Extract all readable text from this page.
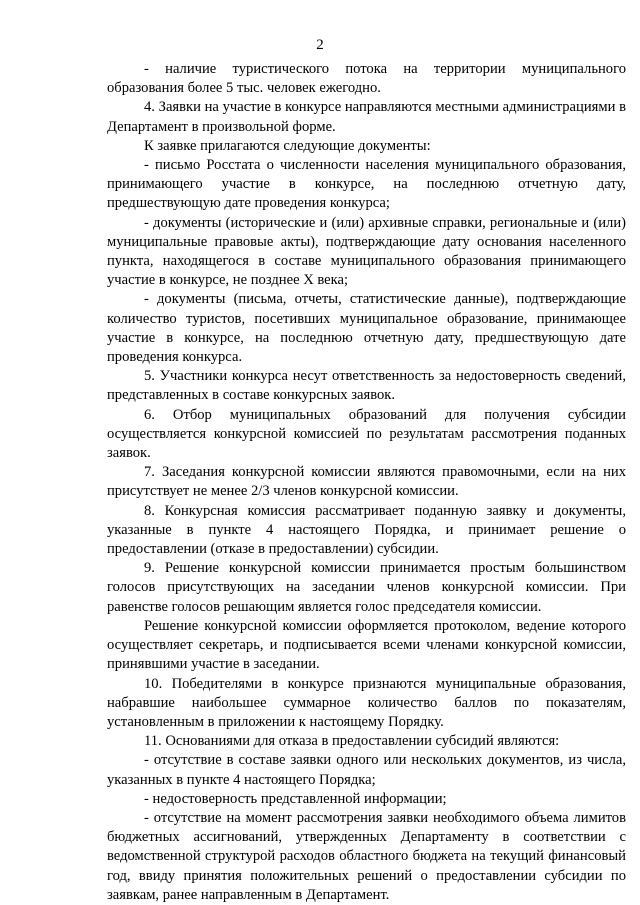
2

- наличие туристического потока на территории муниципального образования более 5 тыс. человек ежегодно.

4. Заявки на участие в конкурсе направляются местными администрациями в Департамент в произвольной форме.

К заявке прилагаются следующие документы:

- письмо Росстата о численности населения муниципального образования, принимающего участие в конкурсе, на последнюю отчетную дату, предшествующую дате проведения конкурса;

- документы (исторические и (или) архивные справки, региональные и (или) муниципальные правовые акты), подтверждающие дату основания населенного пункта, находящегося в составе муниципального образования принимающего участие в конкурсе, не позднее X века;

- документы (письма, отчеты, статистические данные), подтверждающие количество туристов, посетивших муниципальное образование, принимающее участие в конкурсе, на последнюю отчетную дату, предшествующую дате проведения конкурса.

5. Участники конкурса несут ответственность за недостоверность сведений, представленных в составе конкурсных заявок.

6. Отбор муниципальных образований для получения субсидии осуществляется конкурсной комиссией по результатам рассмотрения поданных заявок.

7. Заседания конкурсной комиссии являются правомочными, если на них присутствует не менее 2/3 членов конкурсной комиссии.

8. Конкурсная комиссия рассматривает поданную заявку и документы, указанные в пункте 4 настоящего Порядка, и принимает решение о предоставлении (отказе в предоставлении) субсидии.

9. Решение конкурсной комиссии принимается простым большинством голосов присутствующих на заседании членов конкурсной комиссии. При равенстве голосов решающим является голос председателя комиссии.

Решение конкурсной комиссии оформляется протоколом, ведение которого осуществляет секретарь, и подписывается всеми членами конкурсной комиссии, принявшими участие в заседании.

10. Победителями в конкурсе признаются муниципальные образования, набравшие наибольшее суммарное количество баллов по показателям, установленным в приложении к настоящему Порядку.

11. Основаниями для отказа в предоставлении субсидий являются:

- отсутствие в составе заявки одного или нескольких документов, из числа, указанных в пункте 4 настоящего Порядка;

- недостоверность представленной информации;

- отсутствие на момент рассмотрения заявки необходимого объема лимитов бюджетных ассигнований, утвержденных Департаменту в соответствии с ведомственной структурой расходов областного бюджета на текущий финансовый год, ввиду принятия положительных решений о предоставлении субсидии по заявкам, ранее направленным в Департамент.
